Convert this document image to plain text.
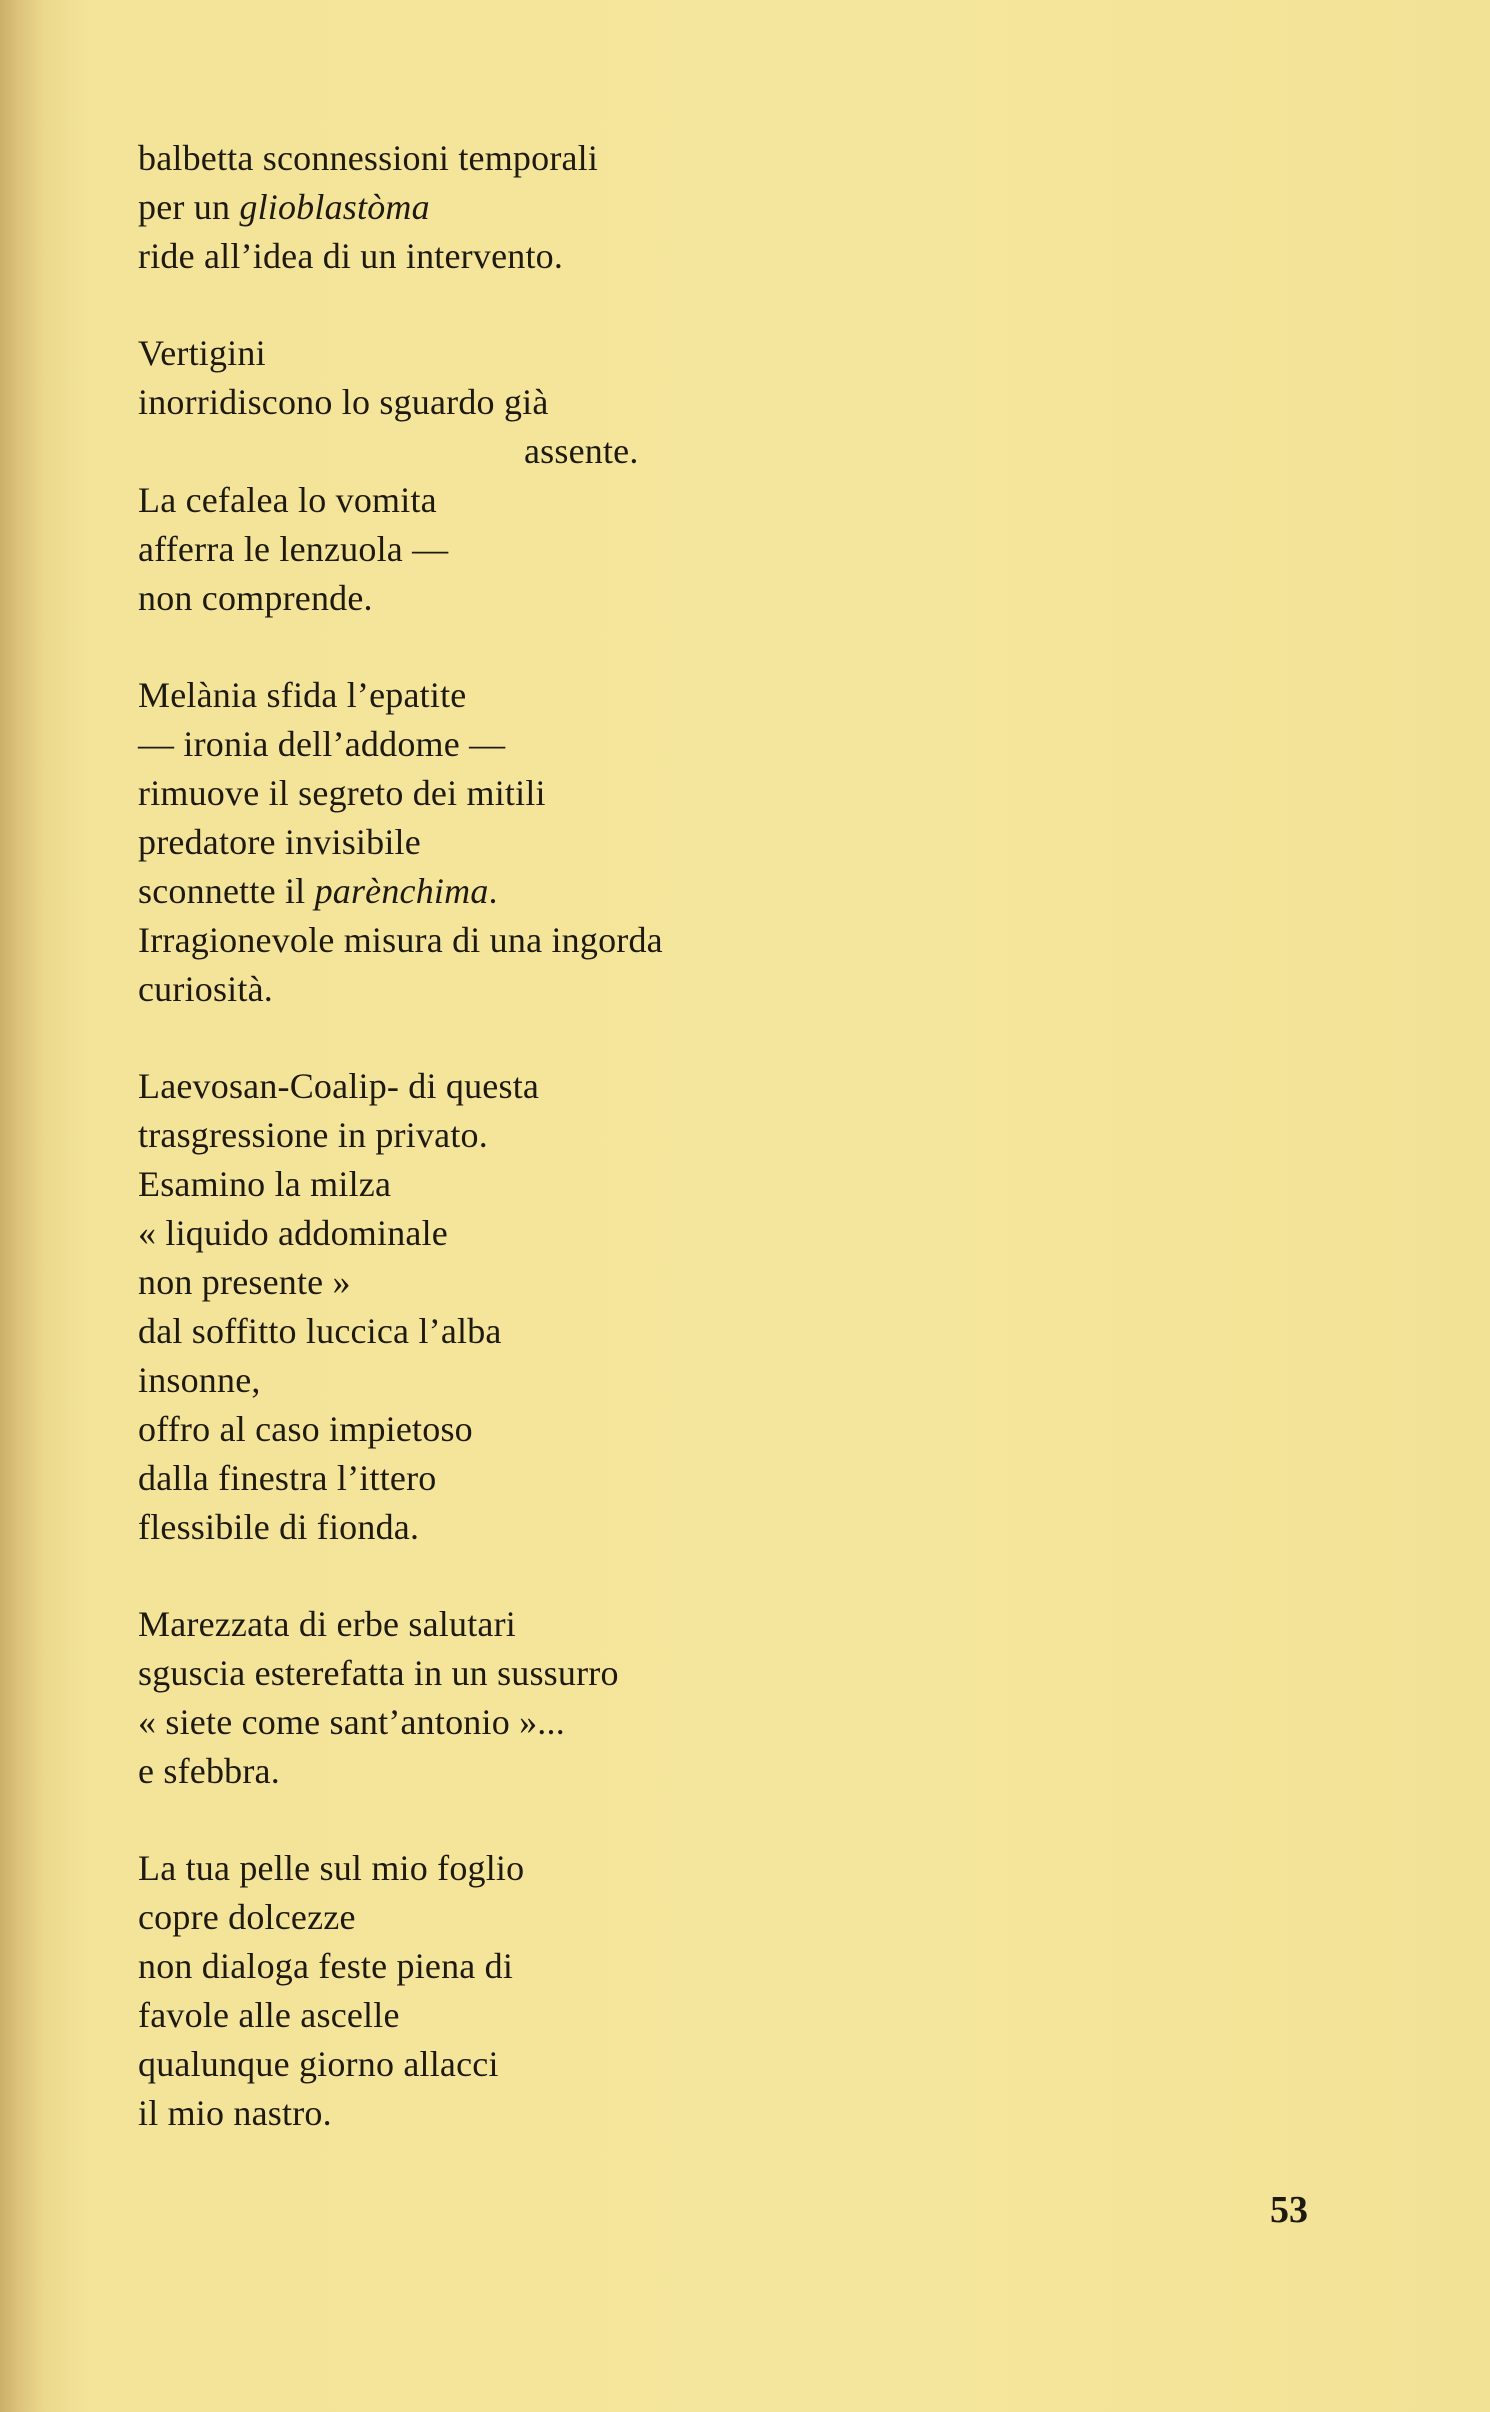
balbetta sconnessioni temporali
per un glioblastòma
ride all’idea di un intervento.
Vertigini
inorridiscono lo sguardo già
assente.
La cefalea lo vomita
afferra le lenzuola —
non comprende.
Melània sfida l’epatite
— ironia dell’addome —
rimuove il segreto dei mitili
predatore invisibile
sconnette il parènchima.
Irragionevole misura di una ingorda
curiosità.
Laevosan-Coalip- di questa
trasgressione in privato.
Esamino la milza
« liquido addominale
non presente »
dal soffitto luccica l’alba
insonne,
offro al caso impietoso
dalla finestra l’ittero
flessibile di fionda.
Marezzata di erbe salutari
sguscia esterefatta in un sussurro
« siete come sant’antonio »...
e sfebbra.
La tua pelle sul mio foglio
copre dolcezze
non dialoga feste piena di
favole alle ascelle
qualunque giorno allacci
il mio nastro.
53
